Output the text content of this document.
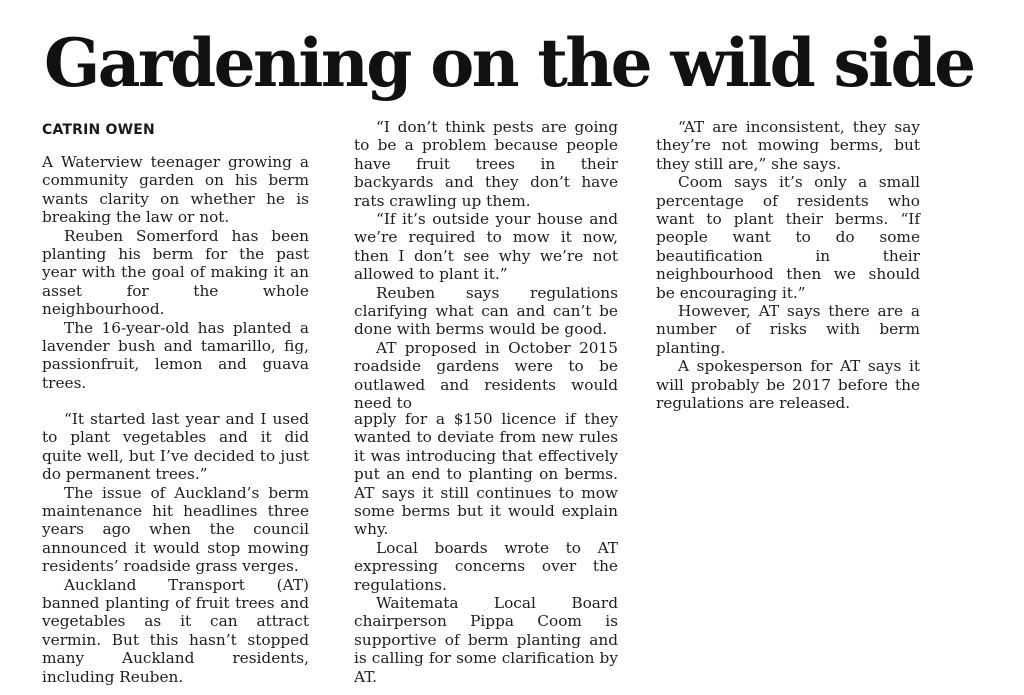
Gardening on the wild side
CATRIN OWEN

A Waterview teenager growing a community garden on his berm wants clarity on whether he is breaking the law or not.

Reuben Somerford has been planting his berm for the past year with the goal of making it an asset for the whole neighbourhood.

The 16-year-old has planted a lavender bush and tamarillo, fig, passionfruit, lemon and guava trees.

“It started last year and I used to plant vegetables and it did quite well, but I’ve decided to just do permanent trees.”

The issue of Auckland’s berm maintenance hit headlines three years ago when the council announced it would stop mowing residents’ roadside grass verges.

Auckland Transport (AT) banned planting of fruit trees and vegetables as it can attract vermin. But this hasn’t stopped many Auckland residents, including Reuben.

“I don’t think pests are going to be a problem because people have fruit trees in their backyards and they don’t have rats crawling up them.

“If it’s outside your house and we’re required to mow it now, then I don’t see why we’re not allowed to plant it.”

Reuben says regulations clarifying what can and can’t be done with berms would be good.

AT proposed in October 2015 roadside gardens were to be outlawed and residents would need to

apply for a $150 licence if they wanted to deviate from new rules it was introducing that effectively put an end to planting on berms. AT says it still continues to mow some berms but it would explain why.

Local boards wrote to AT expressing concerns over the regulations.

Waitemata Local Board chairperson Pippa Coom is supportive of berm planting and is calling for some clarification by AT.

“AT are inconsistent, they say they’re not mowing berms, but they still are,” she says.

Coom says it’s only a small percentage of residents who want to plant their berms. “If people want to do some beautification in their neighbourhood then we should be encouraging it.”

However, AT says there are a number of risks with berm planting.

A spokesperson for AT says it will probably be 2017 before the regulations are released.
